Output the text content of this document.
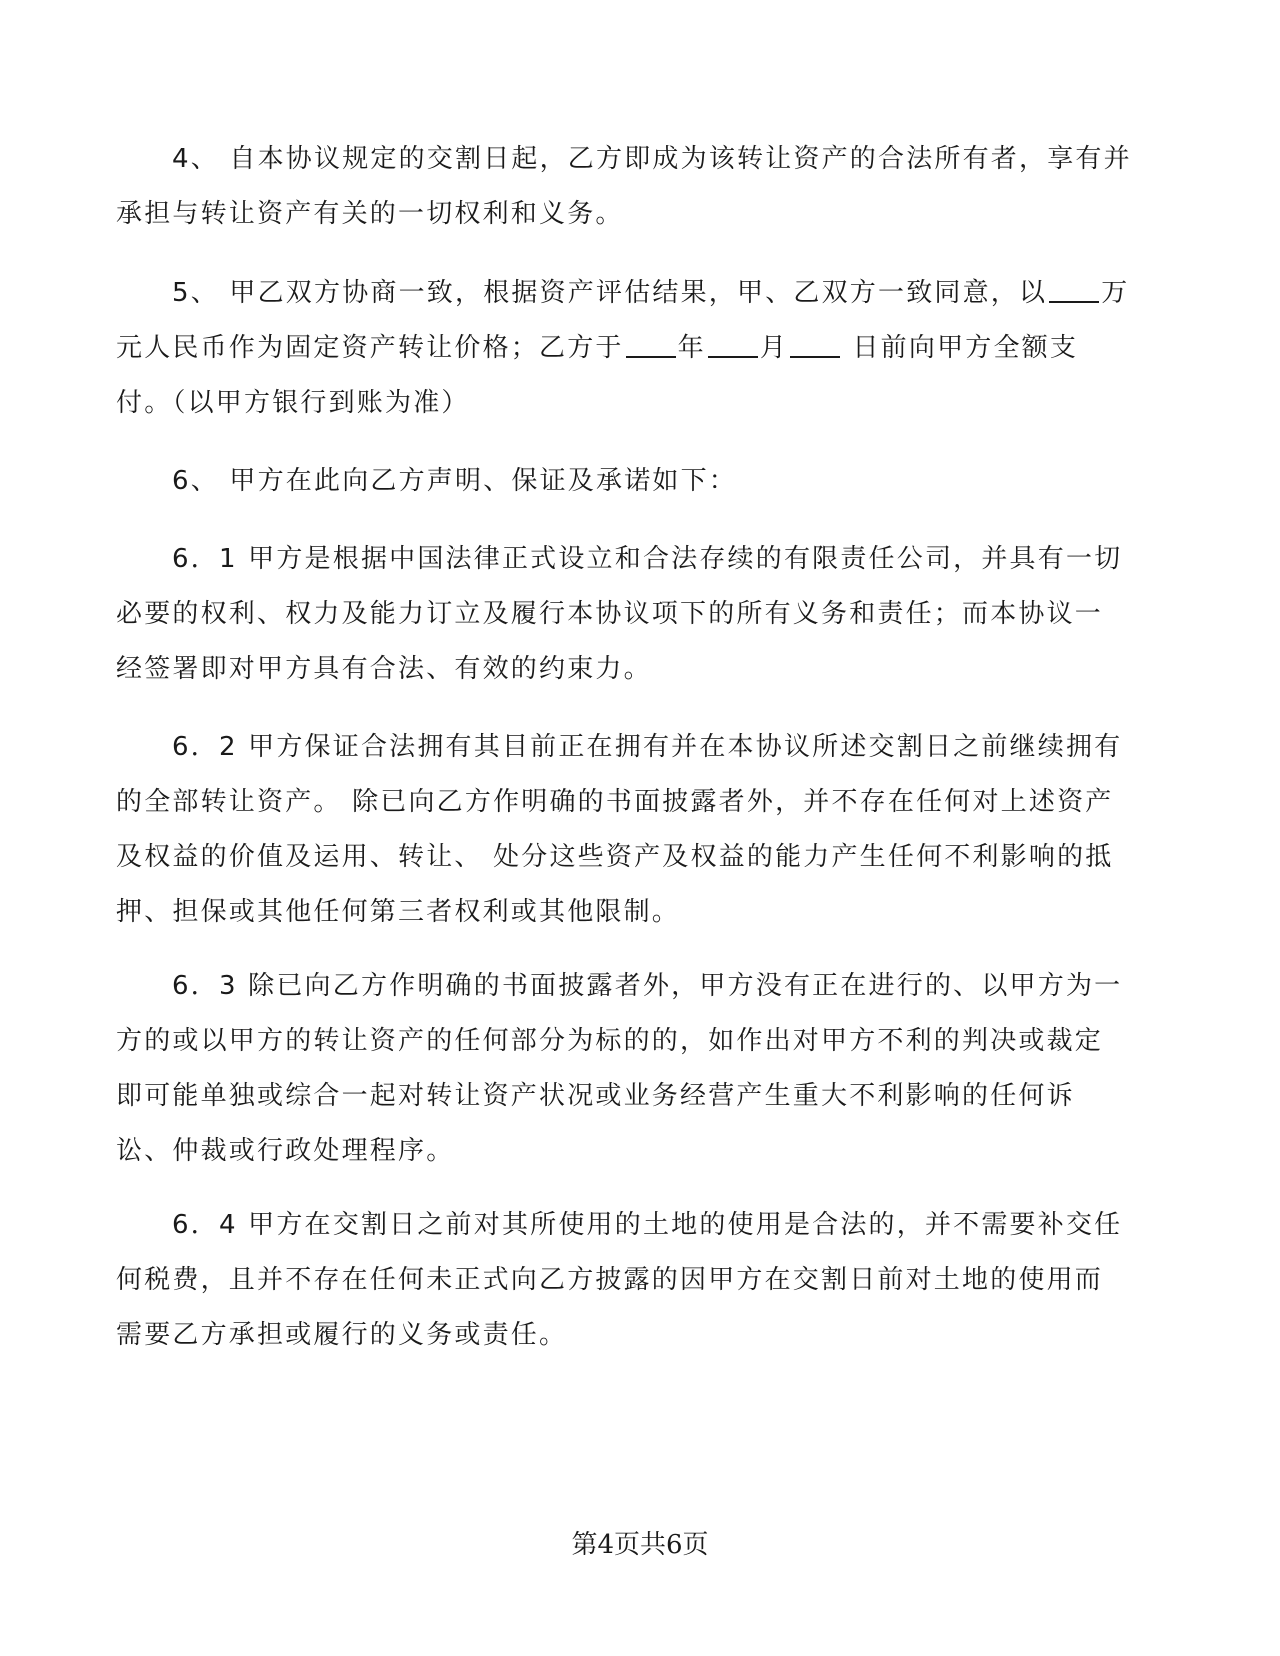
4、 自本协议规定的交割日起，乙方即成为该转让资产的合法所有者，享有并
承担与转让资产有关的一切权利和义务。
5、 甲乙双方协商一致，根据资产评估结果，甲、乙双方一致同意，以 万
元人民币作为固定资产转让价格；乙方于 年 月 日前向甲方全额支
付。（以甲方银行到账为准）
6、 甲方在此向乙方声明、保证及承诺如下：
6．1 甲方是根据中国法律正式设立和合法存续的有限责任公司，并具有一切
必要的权利、权力及能力订立及履行本协议项下的所有义务和责任；而本协议一
经签署即对甲方具有合法、有效的约束力。
6．2 甲方保证合法拥有其目前正在拥有并在本协议所述交割日之前继续拥有
的全部转让资产。 除已向乙方作明确的书面披露者外，并不存在任何对上述资产
及权益的价值及运用、转让、 处分这些资产及权益的能力产生任何不利影响的抵
押、担保或其他任何第三者权利或其他限制。
6．3 除已向乙方作明确的书面披露者外，甲方没有正在进行的、以甲方为一
方的或以甲方的转让资产的任何部分为标的的，如作出对甲方不利的判决或裁定
即可能单独或综合一起对转让资产状况或业务经营产生重大不利影响的任何诉
讼、仲裁或行政处理程序。
6．4 甲方在交割日之前对其所使用的土地的使用是合法的，并不需要补交任
何税费，且并不存在任何未正式向乙方披露的因甲方在交割日前对土地的使用而
需要乙方承担或履行的义务或责任。
第4页共6页
